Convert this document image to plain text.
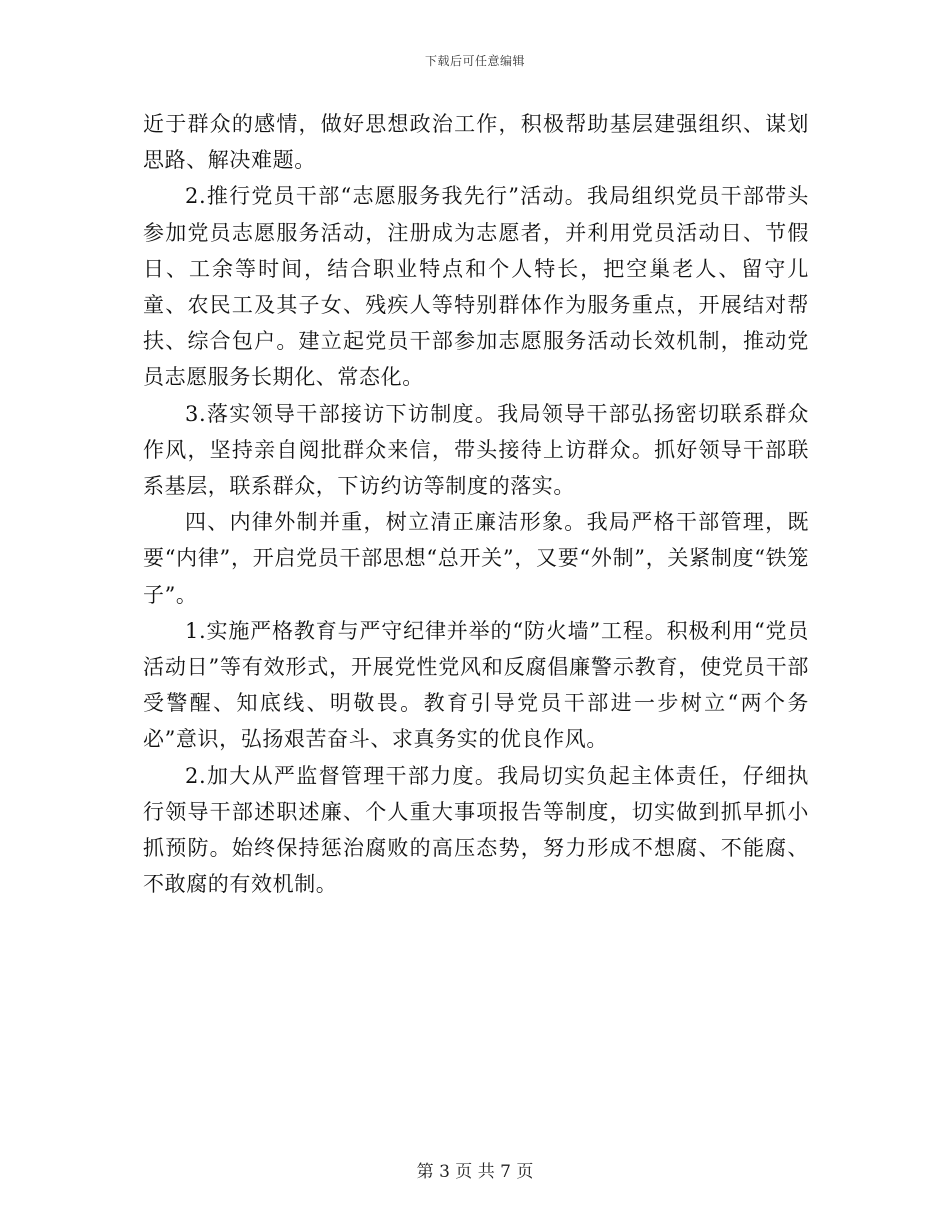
下载后可任意编辑

近于群众的感情，做好思想政治工作，积极帮助基层建强组织、谋划思路、解决难题。

2.推行党员干部“志愿服务我先行”活动。我局组织党员干部带头参加党员志愿服务活动，注册成为志愿者，并利用党员活动日、节假日、工余等时间，结合职业特点和个人特长，把空巢老人、留守儿童、农民工及其子女、残疾人等特别群体作为服务重点，开展结对帮扶、综合包户。建立起党员干部参加志愿服务活动长效机制，推动党员志愿服务长期化、常态化。

3.落实领导干部接访下访制度。我局领导干部弘扬密切联系群众作风，坚持亲自阅批群众来信，带头接待上访群众。抓好领导干部联系基层，联系群众，下访约访等制度的落实。

四、内律外制并重，树立清正廉洁形象。我局严格干部管理，既要“内律”，开启党员干部思想“总开关”，又要“外制”，关紧制度“铁笼子”。

1.实施严格教育与严守纪律并举的“防火墙”工程。积极利用“党员活动日”等有效形式，开展党性党风和反腐倡廉警示教育，使党员干部受警醒、知底线、明敬畏。教育引导党员干部进一步树立“两个务必”意识，弘扬艰苦奋斗、求真务实的优良作风。

2.加大从严监督管理干部力度。我局切实负起主体责任，仔细执行领导干部述职述廉、个人重大事项报告等制度，切实做到抓早抓小抓预防。始终保持惩治腐败的高压态势，努力形成不想腐、不能腐、不敢腐的有效机制。

第 3 页 共 7 页
